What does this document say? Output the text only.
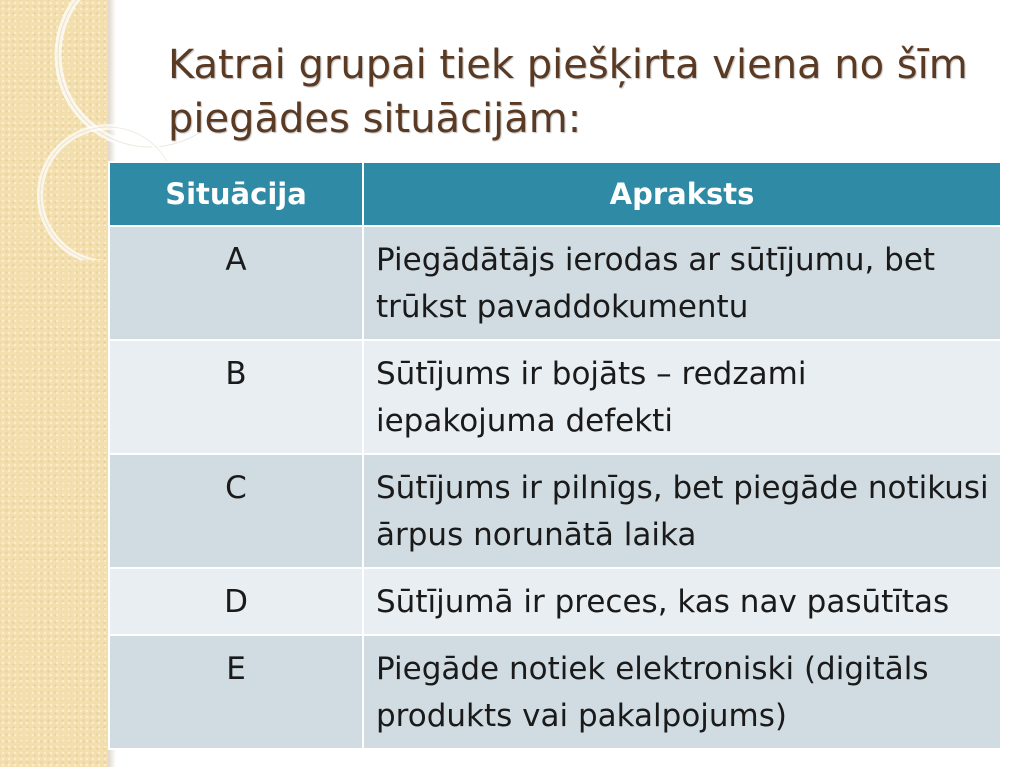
Katrai grupai tiek piešķirta viena no šīm piegādes situācijām:
Situācija	Apraksts
A	Piegādātājs ierodas ar sūtījumu, bet trūkst pavaddokumentu
B	Sūtījums ir bojāts – redzami iepakojuma defekti
C	Sūtījums ir pilnīgs, bet piegāde notikusi ārpus norunātā laika
D	Sūtījumā ir preces, kas nav pasūtītas
E	Piegāde notiek elektroniski (digitāls produkts vai pakalpojums)
